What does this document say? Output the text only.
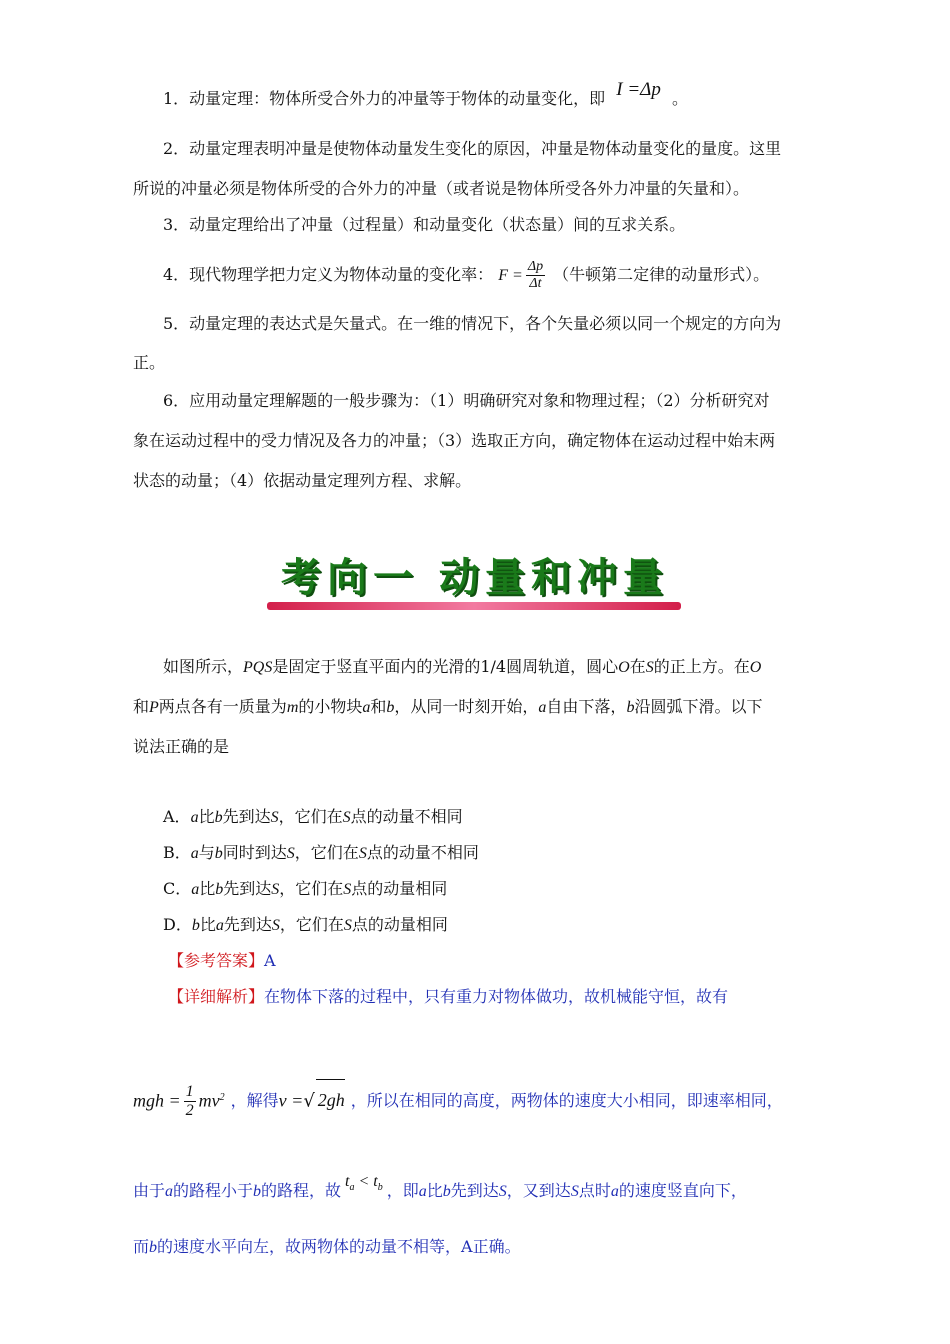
1．动量定理：物体所受合外力的冲量等于物体的动量变化，即 I =Δp 。
2．动量定理表明冲量是使物体动量发生变化的原因，冲量是物体动量变化的量度。这里
所说的冲量必须是物体所受的合外力的冲量（或者说是物体所受各外力冲量的矢量和）。
3．动量定理给出了冲量（过程量）和动量变化（状态量）间的互求关系。
4．现代物理学把力定义为物体动量的变化率： $F = \frac{\Delta p}{\Delta t}$ （牛顿第二定律的动量形式）。
5．动量定理的表达式是矢量式。在一维的情况下，各个矢量必须以同一个规定的方向为
正。
6．应用动量定理解题的一般步骤为：（1）明确研究对象和物理过程；（2）分析研究对
象在运动过程中的受力情况及各力的冲量；（3）选取正方向，确定物体在运动过程中始末两
状态的动量；（4）依据动量定理列方程、求解。
考向一 动量和冲量
如图所示，PQS是固定于竖直平面内的光滑的1/4圆周轨道，圆心O在S的正上方。在O
和P两点各有一质量为m的小物块a和b，从同一时刻开始，a自由下落，b沿圆弧下滑。以下
说法正确的是
A．a比b先到达S，它们在S点的动量不相同
B．a与b同时到达S，它们在S点的动量不相同
C．a比b先到达S，它们在S点的动量相同
D．b比a先到达S，它们在S点的动量相同
【参考答案】A
【详细解析】在物体下落的过程中，只有重力对物体做功，故机械能守恒，故有
mgh = $\frac{1}{2} mv^2$ ，解得v =√ 2gh ，所以在相同的高度，两物体的速度大小相同，即速率相同，
由于a的路程小于b的路程，故 $t_a < t_b$ ，即a比b先到达S，又到达S点时a的速度竖直向下，
而b的速度水平向左，故两物体的动量不相等，A正确。
